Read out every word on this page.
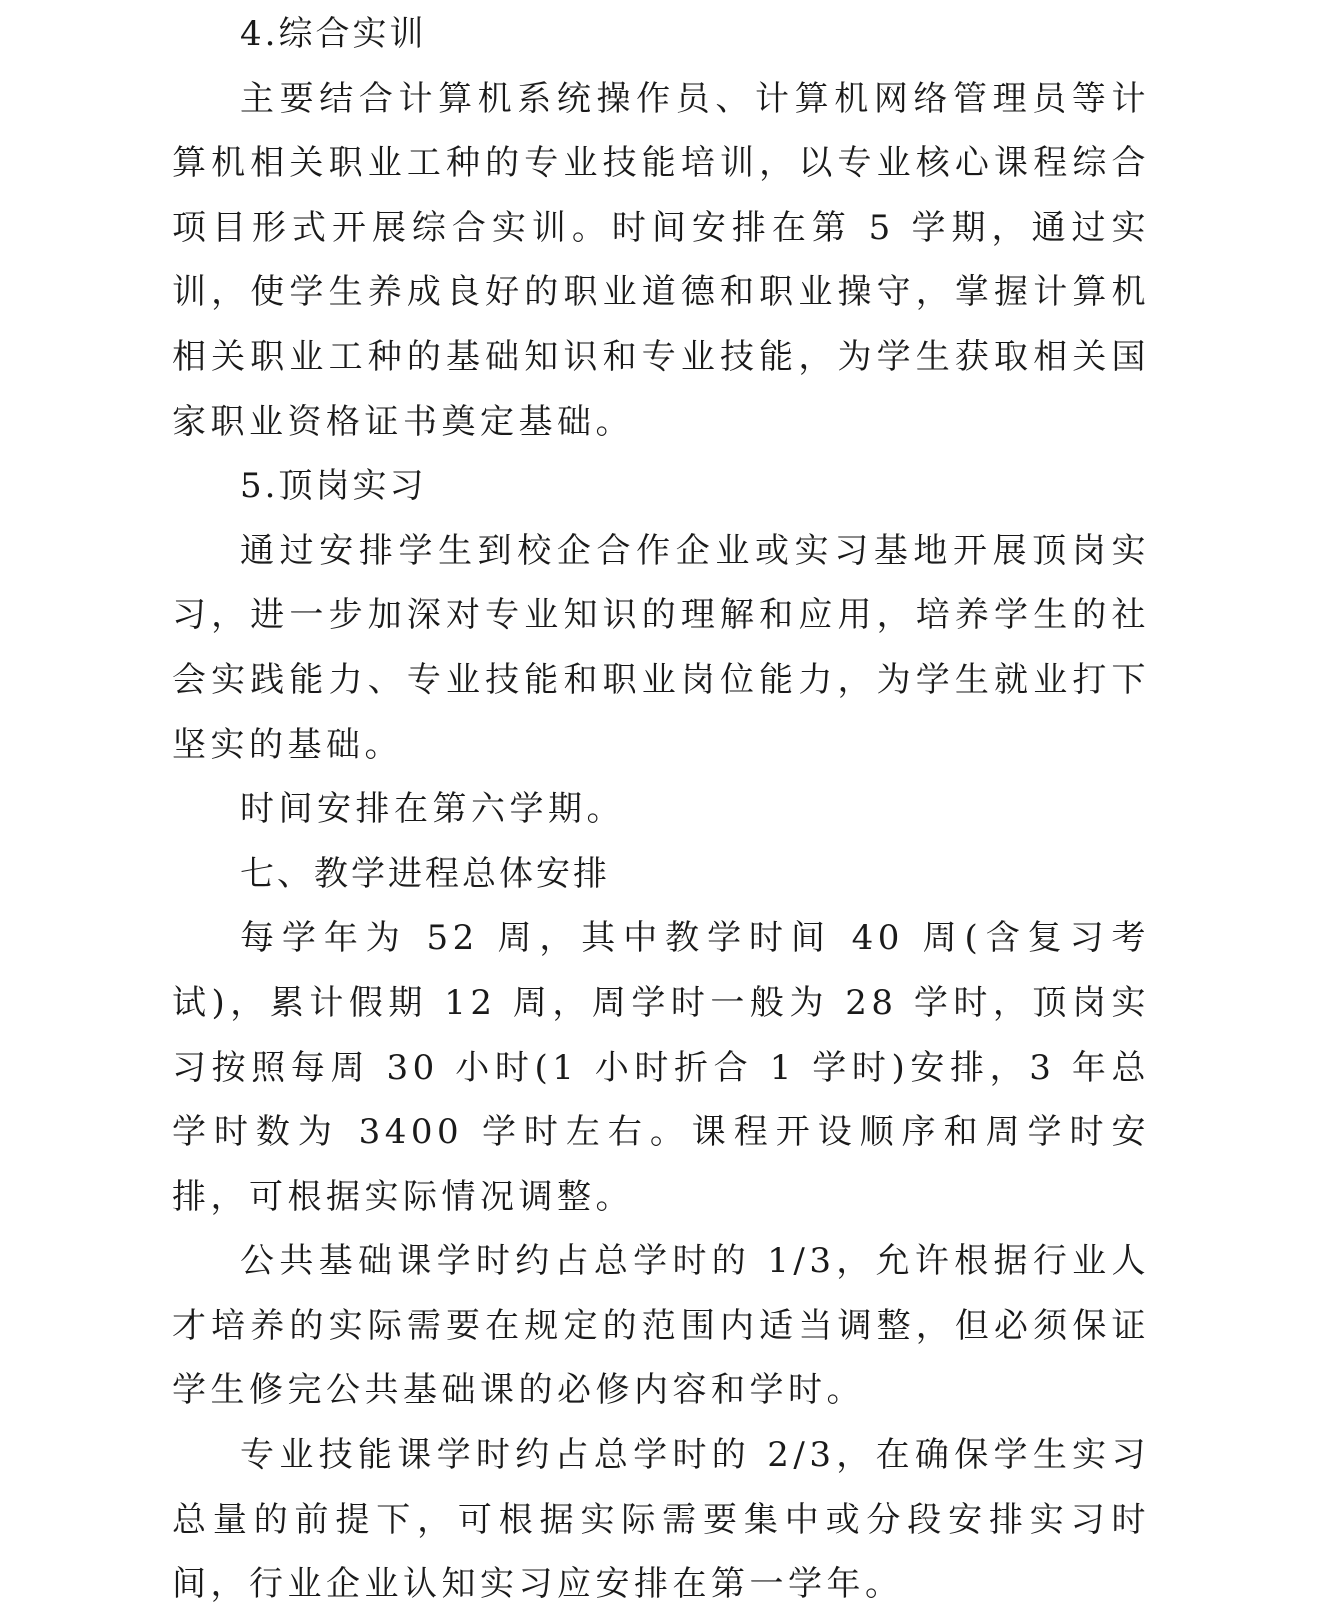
4.综合实训

主要结合计算机系统操作员、计算机网络管理员等计算机相关职业工种的专业技能培训，以专业核心课程综合项目形式开展综合实训。时间安排在第 5 学期，通过实训，使学生养成良好的职业道德和职业操守，掌握计算机相关职业工种的基础知识和专业技能，为学生获取相关国家职业资格证书奠定基础。

5.顶岗实习

通过安排学生到校企合作企业或实习基地开展顶岗实习，进一步加深对专业知识的理解和应用，培养学生的社会实践能力、专业技能和职业岗位能力，为学生就业打下坚实的基础。

时间安排在第六学期。

七、教学进程总体安排

每学年为 52 周，其中教学时间 40 周(含复习考试)，累计假期 12 周，周学时一般为 28 学时，顶岗实习按照每周 30 小时(1 小时折合 1 学时)安排，3 年总学时数为 3400 学时左右。课程开设顺序和周学时安排，可根据实际情况调整。

公共基础课学时约占总学时的 1/3，允许根据行业人才培养的实际需要在规定的范围内适当调整，但必须保证学生修完公共基础课的必修内容和学时。

专业技能课学时约占总学时的 2/3，在确保学生实习总量的前提下，可根据实际需要集中或分段安排实习时间，行业企业认知实习应安排在第一学年。
